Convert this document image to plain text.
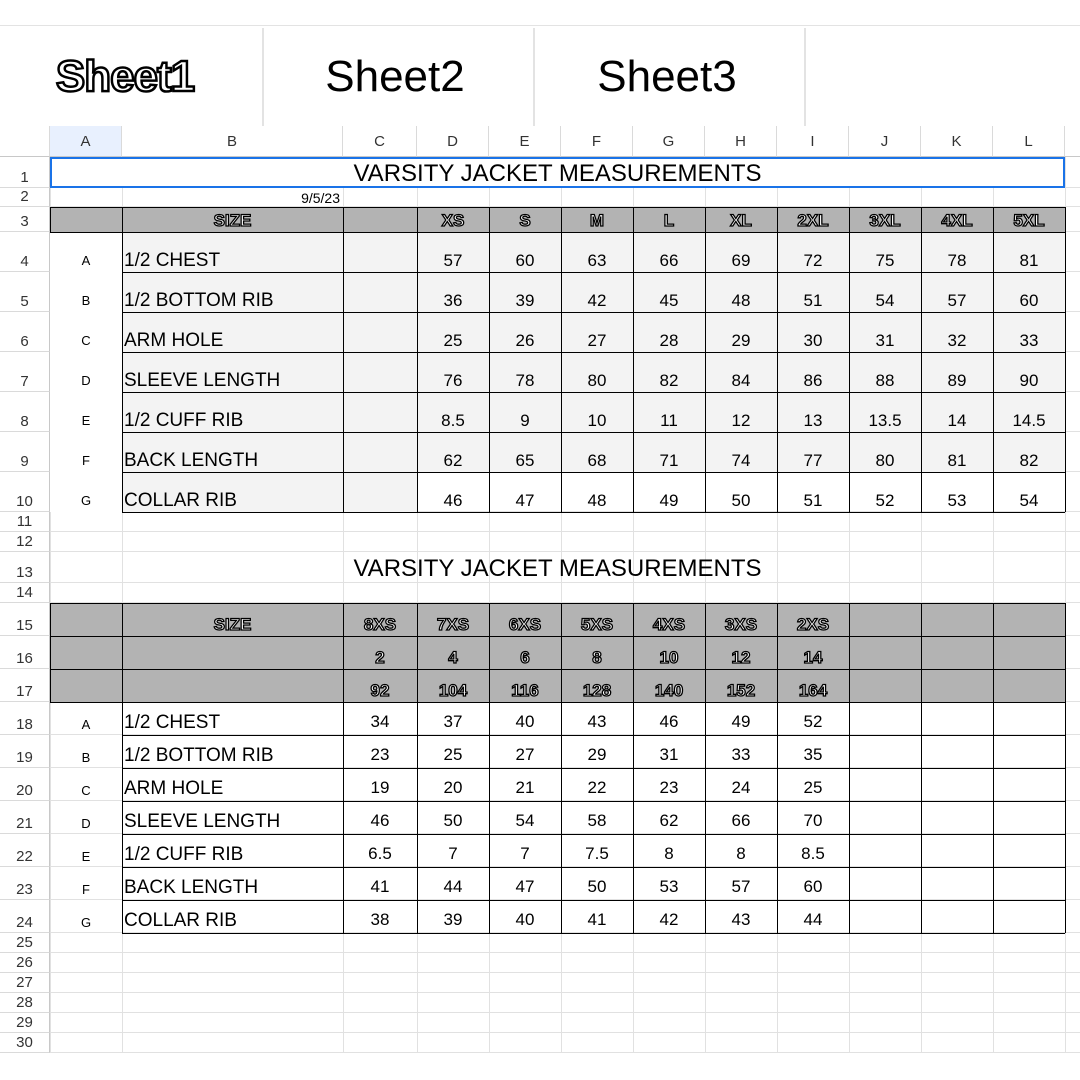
Sheet1	Sheet2	Sheet3
A	B	C	D	E	F	G	H	I	J	K	L
1
2
3
4
5
6
7
8
9
10
11
12
13
14
15
16
17
18
19
20
21
22
23
24
25
26
27
28
29
30
VARSITY JACKET MEASUREMENTS
9/5/23
SIZE	XS	S	M	L	XL	2XL	3XL	4XL	5XL
A	1/2 CHEST	57	60	63	66	69	72	75	78	81
B	1/2 BOTTOM RIB	36	39	42	45	48	51	54	57	60
C	ARM HOLE	25	26	27	28	29	30	31	32	33
D	SLEEVE LENGTH	76	78	80	82	84	86	88	89	90
E	1/2 CUFF RIB	8.5	9	10	11	12	13	13.5	14	14.5
F	BACK LENGTH	62	65	68	71	74	77	80	81	82
G	COLLAR RIB	46	47	48	49	50	51	52	53	54
VARSITY JACKET MEASUREMENTS
SIZE	8XS	7XS	6XS	5XS	4XS	3XS	2XS
2	4	6	8	10	12	14
92	104	116	128	140	152	164
A	1/2 CHEST	34	37	40	43	46	49	52
B	1/2 BOTTOM RIB	23	25	27	29	31	33	35
C	ARM HOLE	19	20	21	22	23	24	25
D	SLEEVE LENGTH	46	50	54	58	62	66	70
E	1/2 CUFF RIB	6.5	7	7	7.5	8	8	8.5
F	BACK LENGTH	41	44	47	50	53	57	60
G	COLLAR RIB	38	39	40	41	42	43	44
